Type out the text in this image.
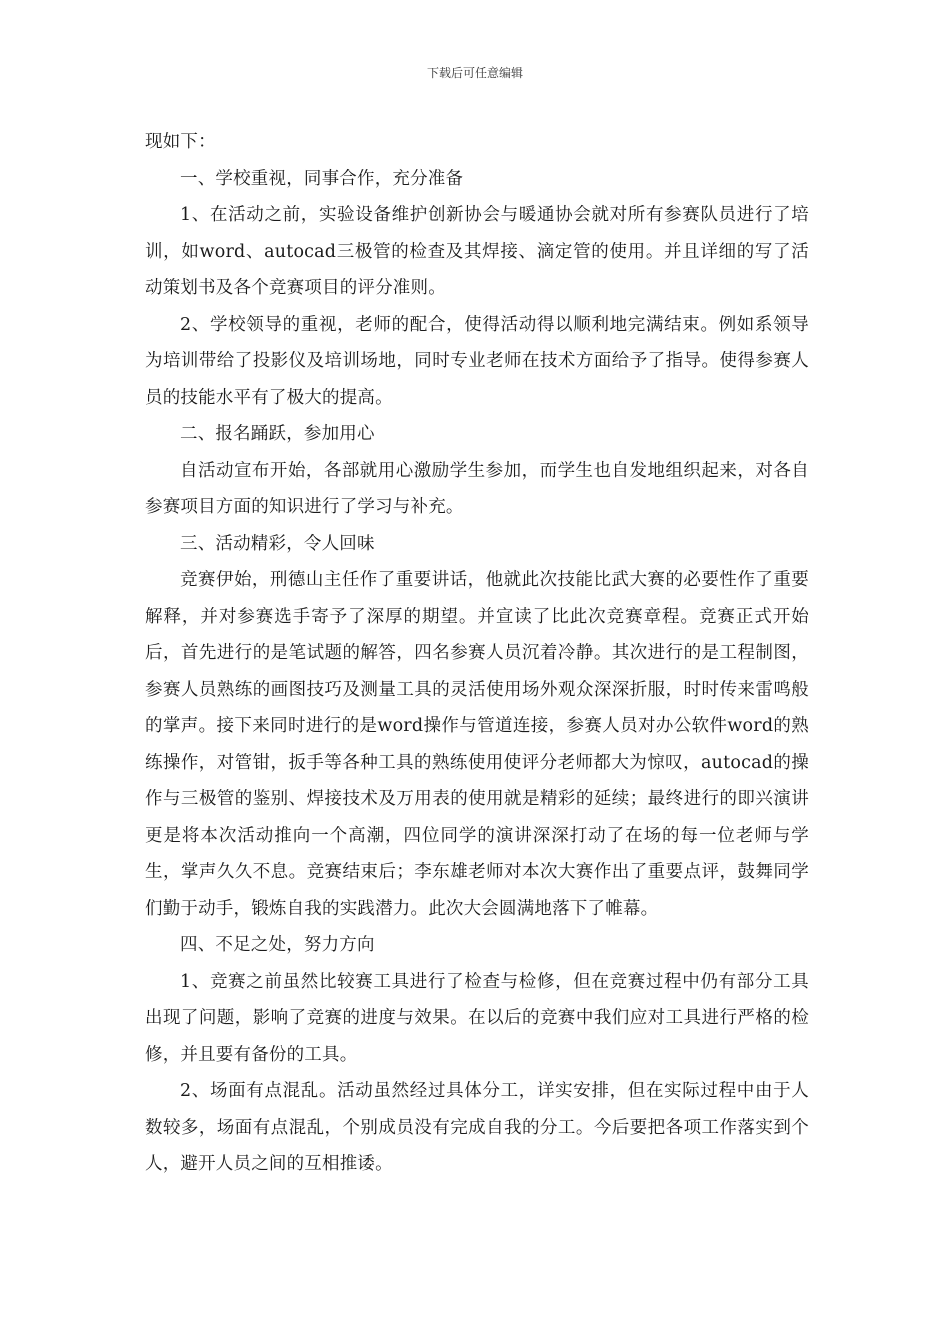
下载后可任意编辑

现如下：

一、学校重视，同事合作，充分准备

1、在活动之前，实验设备维护创新协会与暖通协会就对所有参赛队员进行了培训，如word、autocad三极管的检查及其焊接、滴定管的使用。并且详细的写了活动策划书及各个竞赛项目的评分准则。

2、学校领导的重视，老师的配合，使得活动得以顺利地完满结束。例如系领导为培训带给了投影仪及培训场地，同时专业老师在技术方面给予了指导。使得参赛人员的技能水平有了极大的提高。

二、报名踊跃，参加用心

自活动宣布开始，各部就用心激励学生参加，而学生也自发地组织起来，对各自参赛项目方面的知识进行了学习与补充。

三、活动精彩，令人回味

竞赛伊始，刑德山主任作了重要讲话，他就此次技能比武大赛的必要性作了重要解释，并对参赛选手寄予了深厚的期望。并宣读了比此次竞赛章程。竞赛正式开始后，首先进行的是笔试题的解答，四名参赛人员沉着冷静。其次进行的是工程制图，参赛人员熟练的画图技巧及测量工具的灵活使用场外观众深深折服，时时传来雷鸣般的掌声。接下来同时进行的是word操作与管道连接，参赛人员对办公软件word的熟练操作，对管钳，扳手等各种工具的熟练使用使评分老师都大为惊叹，autocad的操作与三极管的鉴别、焊接技术及万用表的使用就是精彩的延续；最终进行的即兴演讲更是将本次活动推向一个高潮，四位同学的演讲深深打动了在场的每一位老师与学生，掌声久久不息。竞赛结束后；李东雄老师对本次大赛作出了重要点评，鼓舞同学们勤于动手，锻炼自我的实践潜力。此次大会圆满地落下了帷幕。

四、不足之处，努力方向

1、竞赛之前虽然比较赛工具进行了检查与检修，但在竞赛过程中仍有部分工具出现了问题，影响了竞赛的进度与效果。在以后的竞赛中我们应对工具进行严格的检修，并且要有备份的工具。

2、场面有点混乱。活动虽然经过具体分工，详实安排，但在实际过程中由于人数较多，场面有点混乱，个别成员没有完成自我的分工。今后要把各项工作落实到个人，避开人员之间的互相推诿。
